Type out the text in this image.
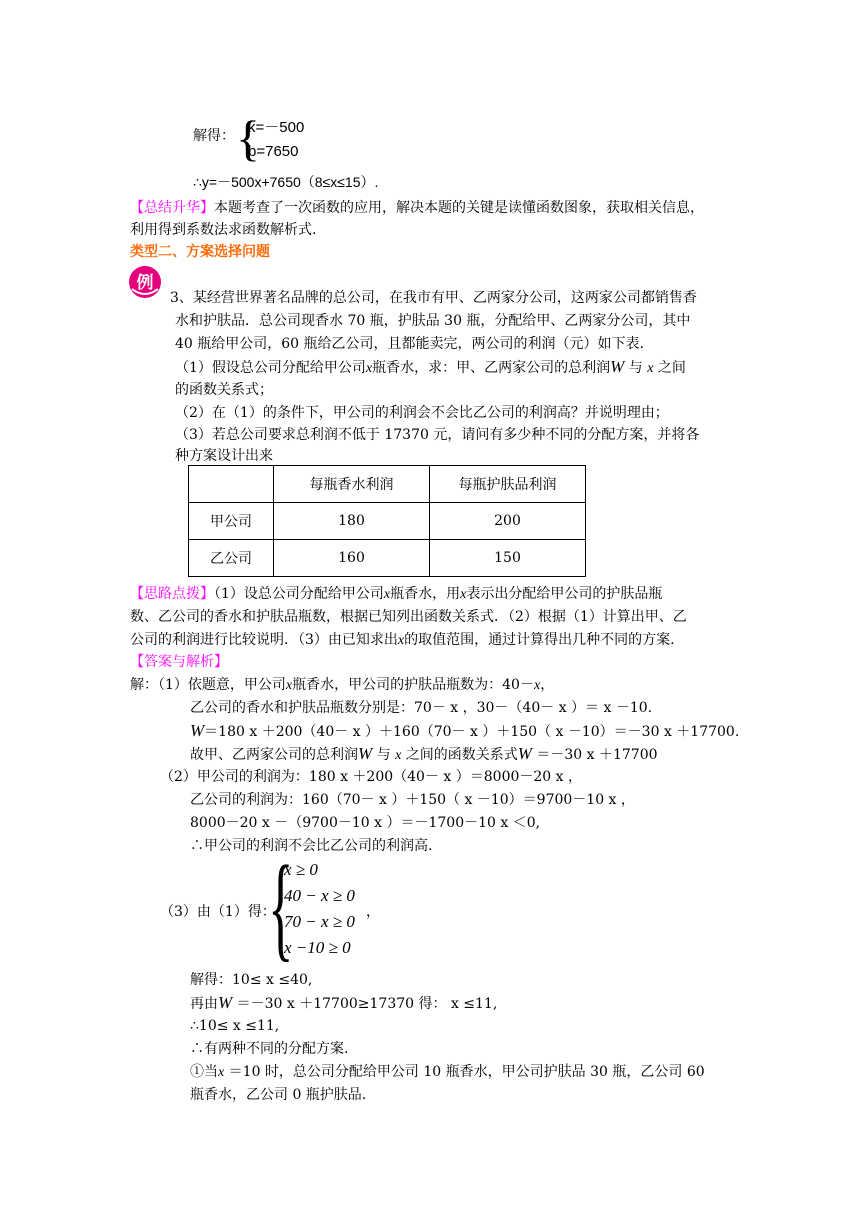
解得： {
k=－500
b=7650
∴y=－500x+7650（8≤x≤15）.
【总结升华】本题考查了一次函数的应用，解决本题的关键是读懂函数图象，获取相关信息，
利用得到系数法求函数解析式.
类型二、方案选择问题
例
3、某经营世界著名品牌的总公司，在我市有甲、乙两家分公司，这两家公司都销售香
水和护肤品．总公司现香水 70 瓶，护肤品 30 瓶，分配给甲、乙两家分公司，其中
40 瓶给甲公司，60 瓶给乙公司，且都能卖完，两公司的利润（元）如下表.
（1）假设总公司分配给甲公司x瓶香水，求：甲、乙两家公司的总利润W 与 x 之间
的函数关系式；
（2）在（1）的条件下，甲公司的利润会不会比乙公司的利润高？并说明理由；
（3）若总公司要求总利润不低于 17370 元，请问有多少种不同的分配方案，并将各
种方案设计出来
	每瓶香水利润	每瓶护肤品利润
甲公司	180	200
乙公司	160	150
【思路点拨】（1）设总公司分配给甲公司x瓶香水，用x表示出分配给甲公司的护肤品瓶
数、乙公司的香水和护肤品瓶数，根据已知列出函数关系式．（2）根据（1）计算出甲、乙
公司的利润进行比较说明．（3）由已知求出x的取值范围，通过计算得出几种不同的方案.
【答案与解析】
解：（1）依题意，甲公司x瓶香水，甲公司的护肤品瓶数为：40－x，
乙公司的香水和护肤品瓶数分别是：70－ x ，30－（40－ x ）＝ x －10.
W＝180 x ＋200（40－ x ）＋160（70－ x ）＋150（ x －10）＝－30 x ＋17700.
故甲、乙两家公司的总利润W 与 x 之间的函数关系式W ＝－30 x ＋17700
（2）甲公司的利润为：180 x ＋200（40－ x ）＝8000－20 x ，
乙公司的利润为：160（70－ x ）＋150（ x －10）＝9700－10 x ，
8000－20 x －（9700－10 x ）＝－1700－10 x ＜0,
∴甲公司的利润不会比乙公司的利润高.
（3）由（1）得：
{
x ≥ 0
40 − x ≥ 0
70 − x ≥ 0
x −10 ≥ 0
，
解得：10≤ x ≤40,
再由W ＝－30 x ＋17700≥17370 得： x ≤11,
∴10≤ x ≤11,
∴有两种不同的分配方案.
①当x ＝10 时，总公司分配给甲公司 10 瓶香水，甲公司护肤品 30 瓶，乙公司 60
瓶香水，乙公司 0 瓶护肤品.
